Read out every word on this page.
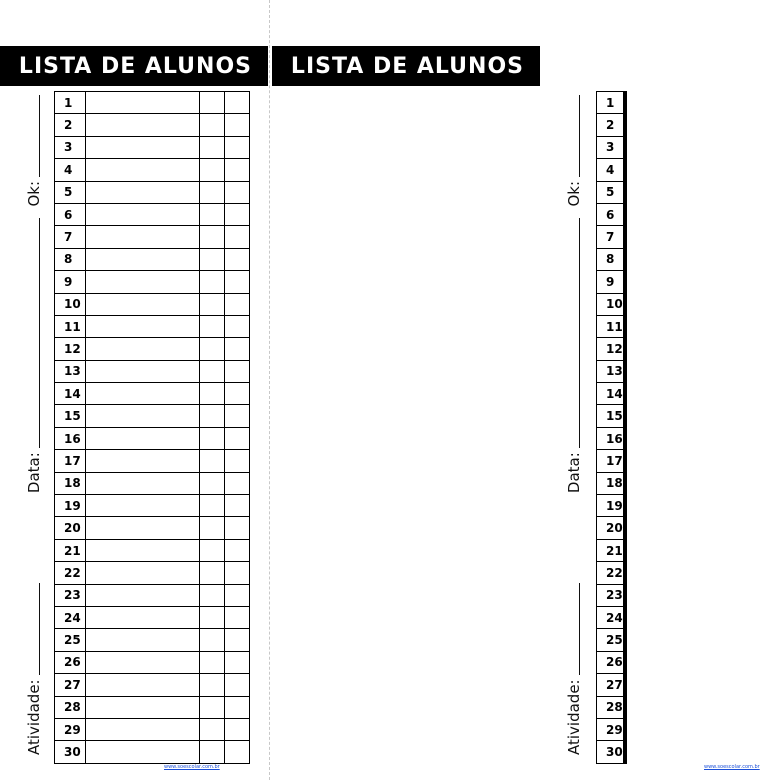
LISTA DE ALUNOS
Atividade:
Data:
Ok:
1			
2			
3			
4			
5			
6			
7			
8			
9			
10			
11			
12			
13			
14			
15			
16			
17			
18			
19			
20			
21			
22			
23			
24			
25			
26			
27			
28			
29			
30			
www.soescolar.com.br
LISTA DE ALUNOS
Atividade:
Data:
Ok:
1			
2			
3			
4			
5			
6			
7			
8			
9			
10			
11			
12			
13			
14			
15			
16			
17			
18			
19			
20			
21			
22			
23			
24			
25			
26			
27			
28			
29			
30			
www.soescolar.com.br
